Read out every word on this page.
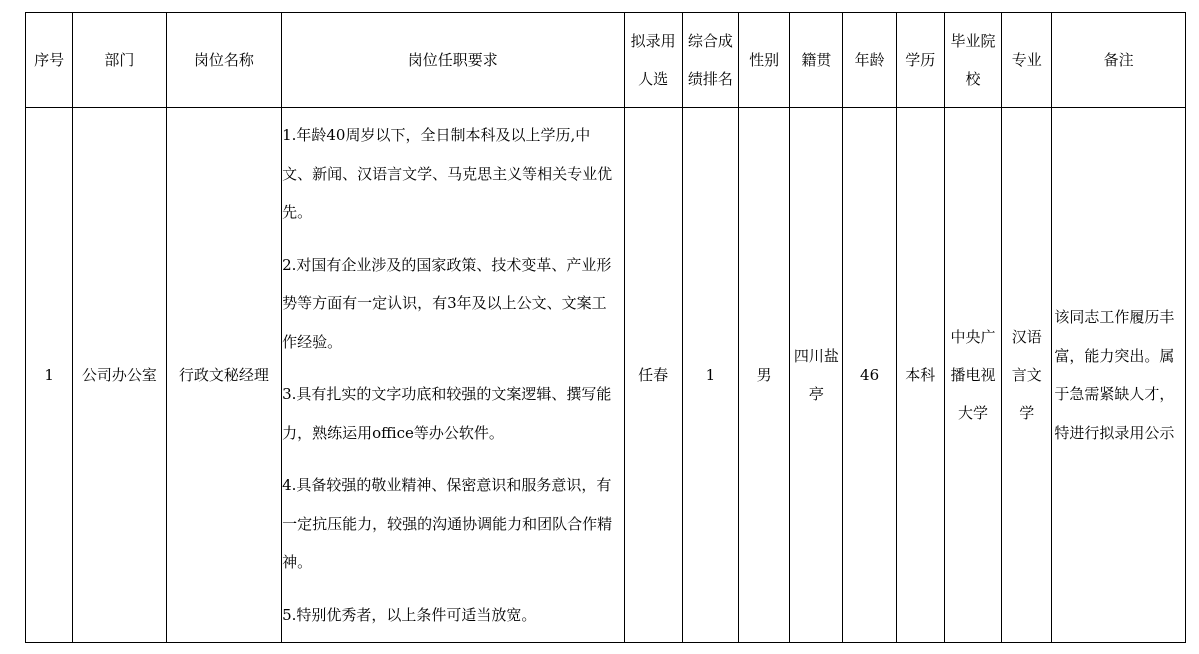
序号	部门	岗位名称	岗位任职要求	拟录用人选	综合成绩排名	性别	籍贯	年龄	学历	毕业院校	专业	备注

1	公司办公室	行政文秘经理	1.年龄40周岁以下，全日制本科及以上学历,中文、新闻、汉语言文学、马克思主义等相关专业优先。
2.对国有企业涉及的国家政策、技术变革、产业形势等方面有一定认识，有3年及以上公文、文案工作经验。
3.具有扎实的文字功底和较强的文案逻辑、撰写能力，熟练运用office等办公软件。
4.具备较强的敬业精神、保密意识和服务意识，有一定抗压能力，较强的沟通协调能力和团队合作精神。
5.特别优秀者，以上条件可适当放宽。	任春	1	男	四川盐亭	46	本科	中央广播电视大学	汉语言文学	该同志工作履历丰富，能力突出。属于急需紧缺人才，特进行拟录用公示
